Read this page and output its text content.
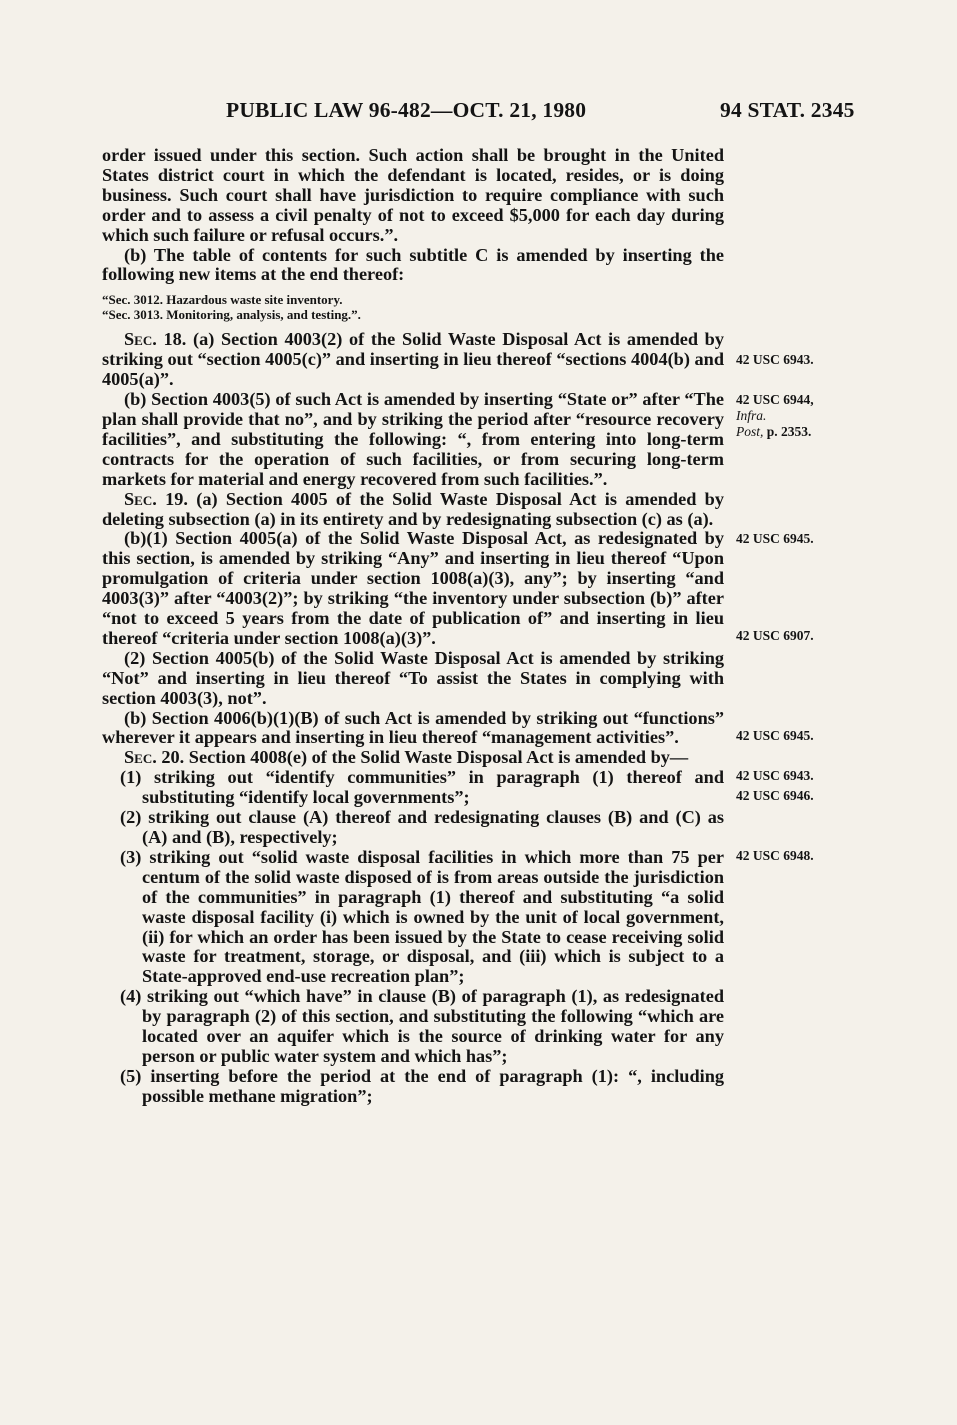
PUBLIC LAW 96-482—OCT. 21, 1980	94 STAT. 2345

order issued under this section. Such action shall be brought in the United States district court in which the defendant is located, resides, or is doing business. Such court shall have jurisdiction to require compliance with such order and to assess a civil penalty of not to exceed $5,000 for each day during which such failure or refusal occurs.”.

(b) The table of contents for such subtitle C is amended by inserting the following new items at the end thereof:

“Sec. 3012. Hazardous waste site inventory.
“Sec. 3013. Monitoring, analysis, and testing.”.

Sec. 18. (a) Section 4003(2) of the Solid Waste Disposal Act is amended by striking out “section 4005(c)” and inserting in lieu thereof “sections 4004(b) and 4005(a)”.

(b) Section 4003(5) of such Act is amended by inserting “State or” after “The plan shall provide that no”, and by striking the period after “resource recovery facilities”, and substituting the following: “, from entering into long-term contracts for the operation of such facilities, or from securing long-term markets for material and energy recovered from such facilities.”.

Sec. 19. (a) Section 4005 of the Solid Waste Disposal Act is amended by deleting subsection (a) in its entirety and by redesignating subsection (c) as (a).

(b)(1) Section 4005(a) of the Solid Waste Disposal Act, as redesignated by this section, is amended by striking “Any” and inserting in lieu thereof “Upon promulgation of criteria under section 1008(a)(3), any”; by inserting “and 4003(3)” after “4003(2)”; by striking “the inventory under subsection (b)” after “not to exceed 5 years from the date of publication of” and inserting in lieu thereof “criteria under section 1008(a)(3)”.

(2) Section 4005(b) of the Solid Waste Disposal Act is amended by striking “Not” and inserting in lieu thereof “To assist the States in complying with section 4003(3), not”.

(b) Section 4006(b)(1)(B) of such Act is amended by striking out “functions” wherever it appears and inserting in lieu thereof “management activities”.

Sec. 20. Section 4008(e) of the Solid Waste Disposal Act is amended by—

(1) striking out “identify communities” in paragraph (1) thereof and substituting “identify local governments”;

(2) striking out clause (A) thereof and redesignating clauses (B) and (C) as (A) and (B), respectively;

(3) striking out “solid waste disposal facilities in which more than 75 per centum of the solid waste disposed of is from areas outside the jurisdiction of the communities” in paragraph (1) thereof and substituting “a solid waste disposal facility (i) which is owned by the unit of local government, (ii) for which an order has been issued by the State to cease receiving solid waste for treatment, storage, or disposal, and (iii) which is subject to a State-approved end-use recreation plan”;

(4) striking out “which have” in clause (B) of paragraph (1), as redesignated by paragraph (2) of this section, and substituting the following “which are located over an aquifer which is the source of drinking water for any person or public water system and which has”;

(5) inserting before the period at the end of paragraph (1): “, including possible methane migration”;

42 USC 6943.
42 USC 6944,
Infra.
Post, p. 2353.
42 USC 6945.
42 USC 6907.
42 USC 6945.
42 USC 6943.
42 USC 6946.
42 USC 6948.
